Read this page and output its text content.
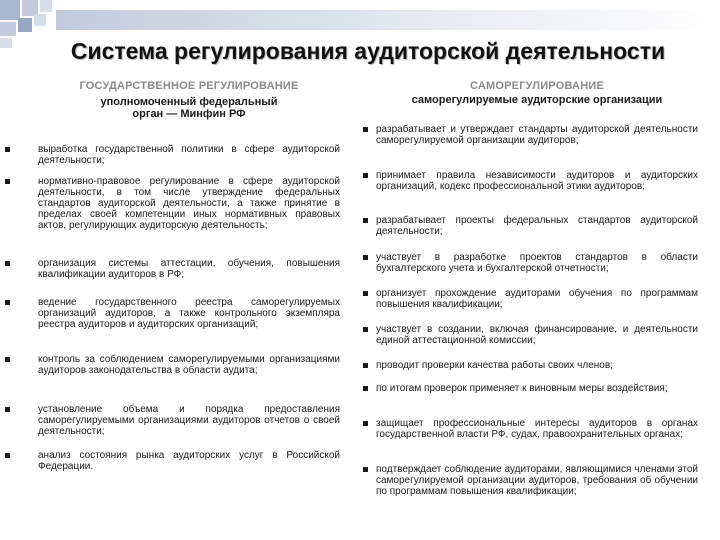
Система регулирования аудиторской деятельности
ГОСУДАРСТВЕННОЕ РЕГУЛИРОВАНИЕ
уполномоченный федеральный орган — Минфин РФ
выработка государственной политики в сфере аудиторской деятельности;
нормативно-правовое регулирование в сфере аудиторской деятельности, в том числе утверждение федеральных стандартов аудиторской деятельности, а также принятие в пределах своей компетенции иных нормативных правовых актов, регулирующих аудиторскую деятельность;
организация системы аттестации, обучения, повышения квалификации аудиторов в РФ;
ведение государственного реестра саморегулируемых организаций аудиторов, а также контрольного экземпляра реестра аудиторов и аудиторских организаций;
контроль за соблюдением саморегулируемыми организациями аудиторов законодательства в области аудита;
установление объема и порядка предоставления саморегулируемыми организациями аудиторов отчетов о своей деятельности;
анализ состояния рынка аудиторских услуг в Российской Федерации.
САМОРЕГУЛИРОВАНИЕ
саморегулируемые аудиторские организации
разрабатывает и утверждает стандарты аудиторской деятельности саморегулируемой организации аудиторов;
принимает правила независимости аудиторов и аудиторских организаций, кодекс профессиональной этики аудиторов;
разрабатывает проекты федеральных стандартов аудиторской деятельности;
участвует в разработке проектов стандартов в области бухгалтерского учета и бухгалтерской отчетности;
организует прохождение аудиторами обучения по программам повышения квалификации;
участвует в создании, включая финансирование, и деятельности единой аттестационной комиссии;
проводит проверки качества работы своих членов;
по итогам проверок применяет к виновным меры воздействия;
защищает профессиональные интересы аудиторов в органах государственной власти РФ, судах, правоохранительных органах;
подтверждает соблюдение аудиторами, являющимися членами этой саморегулируемой организации аудиторов, требования об обучении по программам повышения квалификации;
